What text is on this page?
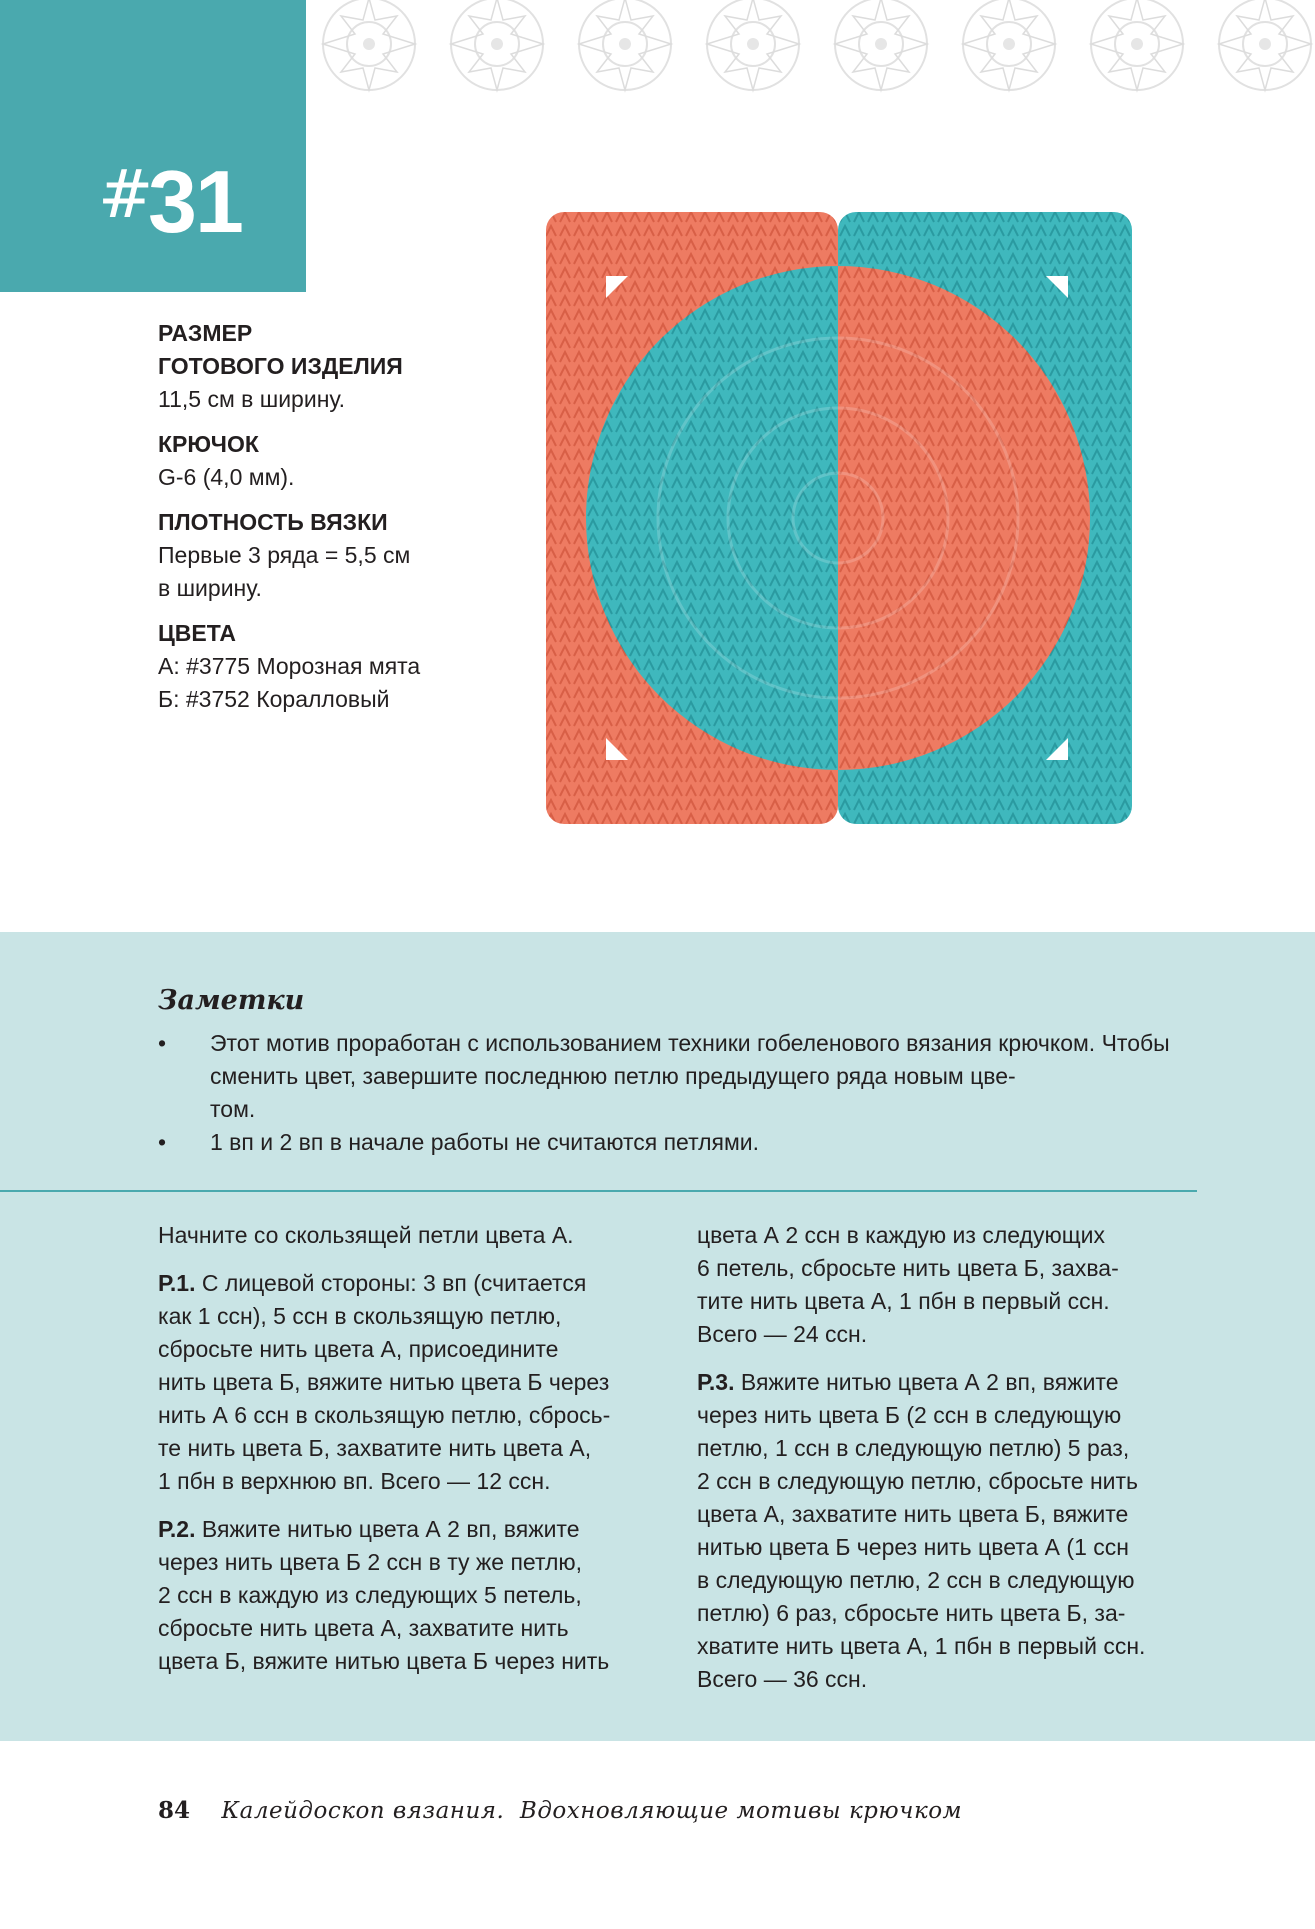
#
31

РАЗМЕР
ГОТОВОГО ИЗДЕЛИЯ

11,5 см в ширину.

КРЮЧОК

G-6 (4,0 мм).

ПЛОТНОСТЬ ВЯЗКИ

Первые 3 ряда = 5,5 см
в ширину.

ЦВЕТА

А: #3775 Морозная мята
Б: #3752 Коралловый

Заметки
• Этот мотив проработан с использованием техники гобеленового вязания крючком. Чтобы сменить цвет, завершите последнюю петлю предыдущего ряда новым цве-
том.
• 1 вп и 2 вп в начале работы не считаются петлями.

Начните со скользящей петли цвета А.

Р.1. С лицевой стороны: 3 вп (считается
как 1 ссн), 5 ссн в скользящую петлю,
сбросьте нить цвета А, присоедините
нить цвета Б, вяжите нитью цвета Б через
нить А 6 ссн в скользящую петлю, сбрось-
те нить цвета Б, захватите нить цвета А,
1 пбн в верхнюю вп. Всего — 12 ссн.

Р.2. Вяжите нитью цвета А 2 вп, вяжите
через нить цвета Б 2 ссн в ту же петлю,
2 ссн в каждую из следующих 5 петель,
сбросьте нить цвета А, захватите нить
цвета Б, вяжите нитью цвета Б через нить

цвета А 2 ссн в каждую из следующих
6 петель, сбросьте нить цвета Б, захва-
тите нить цвета А, 1 пбн в первый ссн.
Всего — 24 ссн.

Р.3. Вяжите нитью цвета А 2 вп, вяжите
через нить цвета Б (2 ссн в следующую
петлю, 1 ссн в следующую петлю) 5 раз,
2 ссн в следующую петлю, сбросьте нить
цвета А, захватите нить цвета Б, вяжите
нитью цвета Б через нить цвета А (1 ссн
в следующую петлю, 2 ссн в следующую
петлю) 6 раз, сбросьте нить цвета Б, за-
хватите нить цвета А, 1 пбн в первый ссн.
Всего — 36 ссн.

84 Калейдоскоп вязания.  Вдохновляющие мотивы крючком
